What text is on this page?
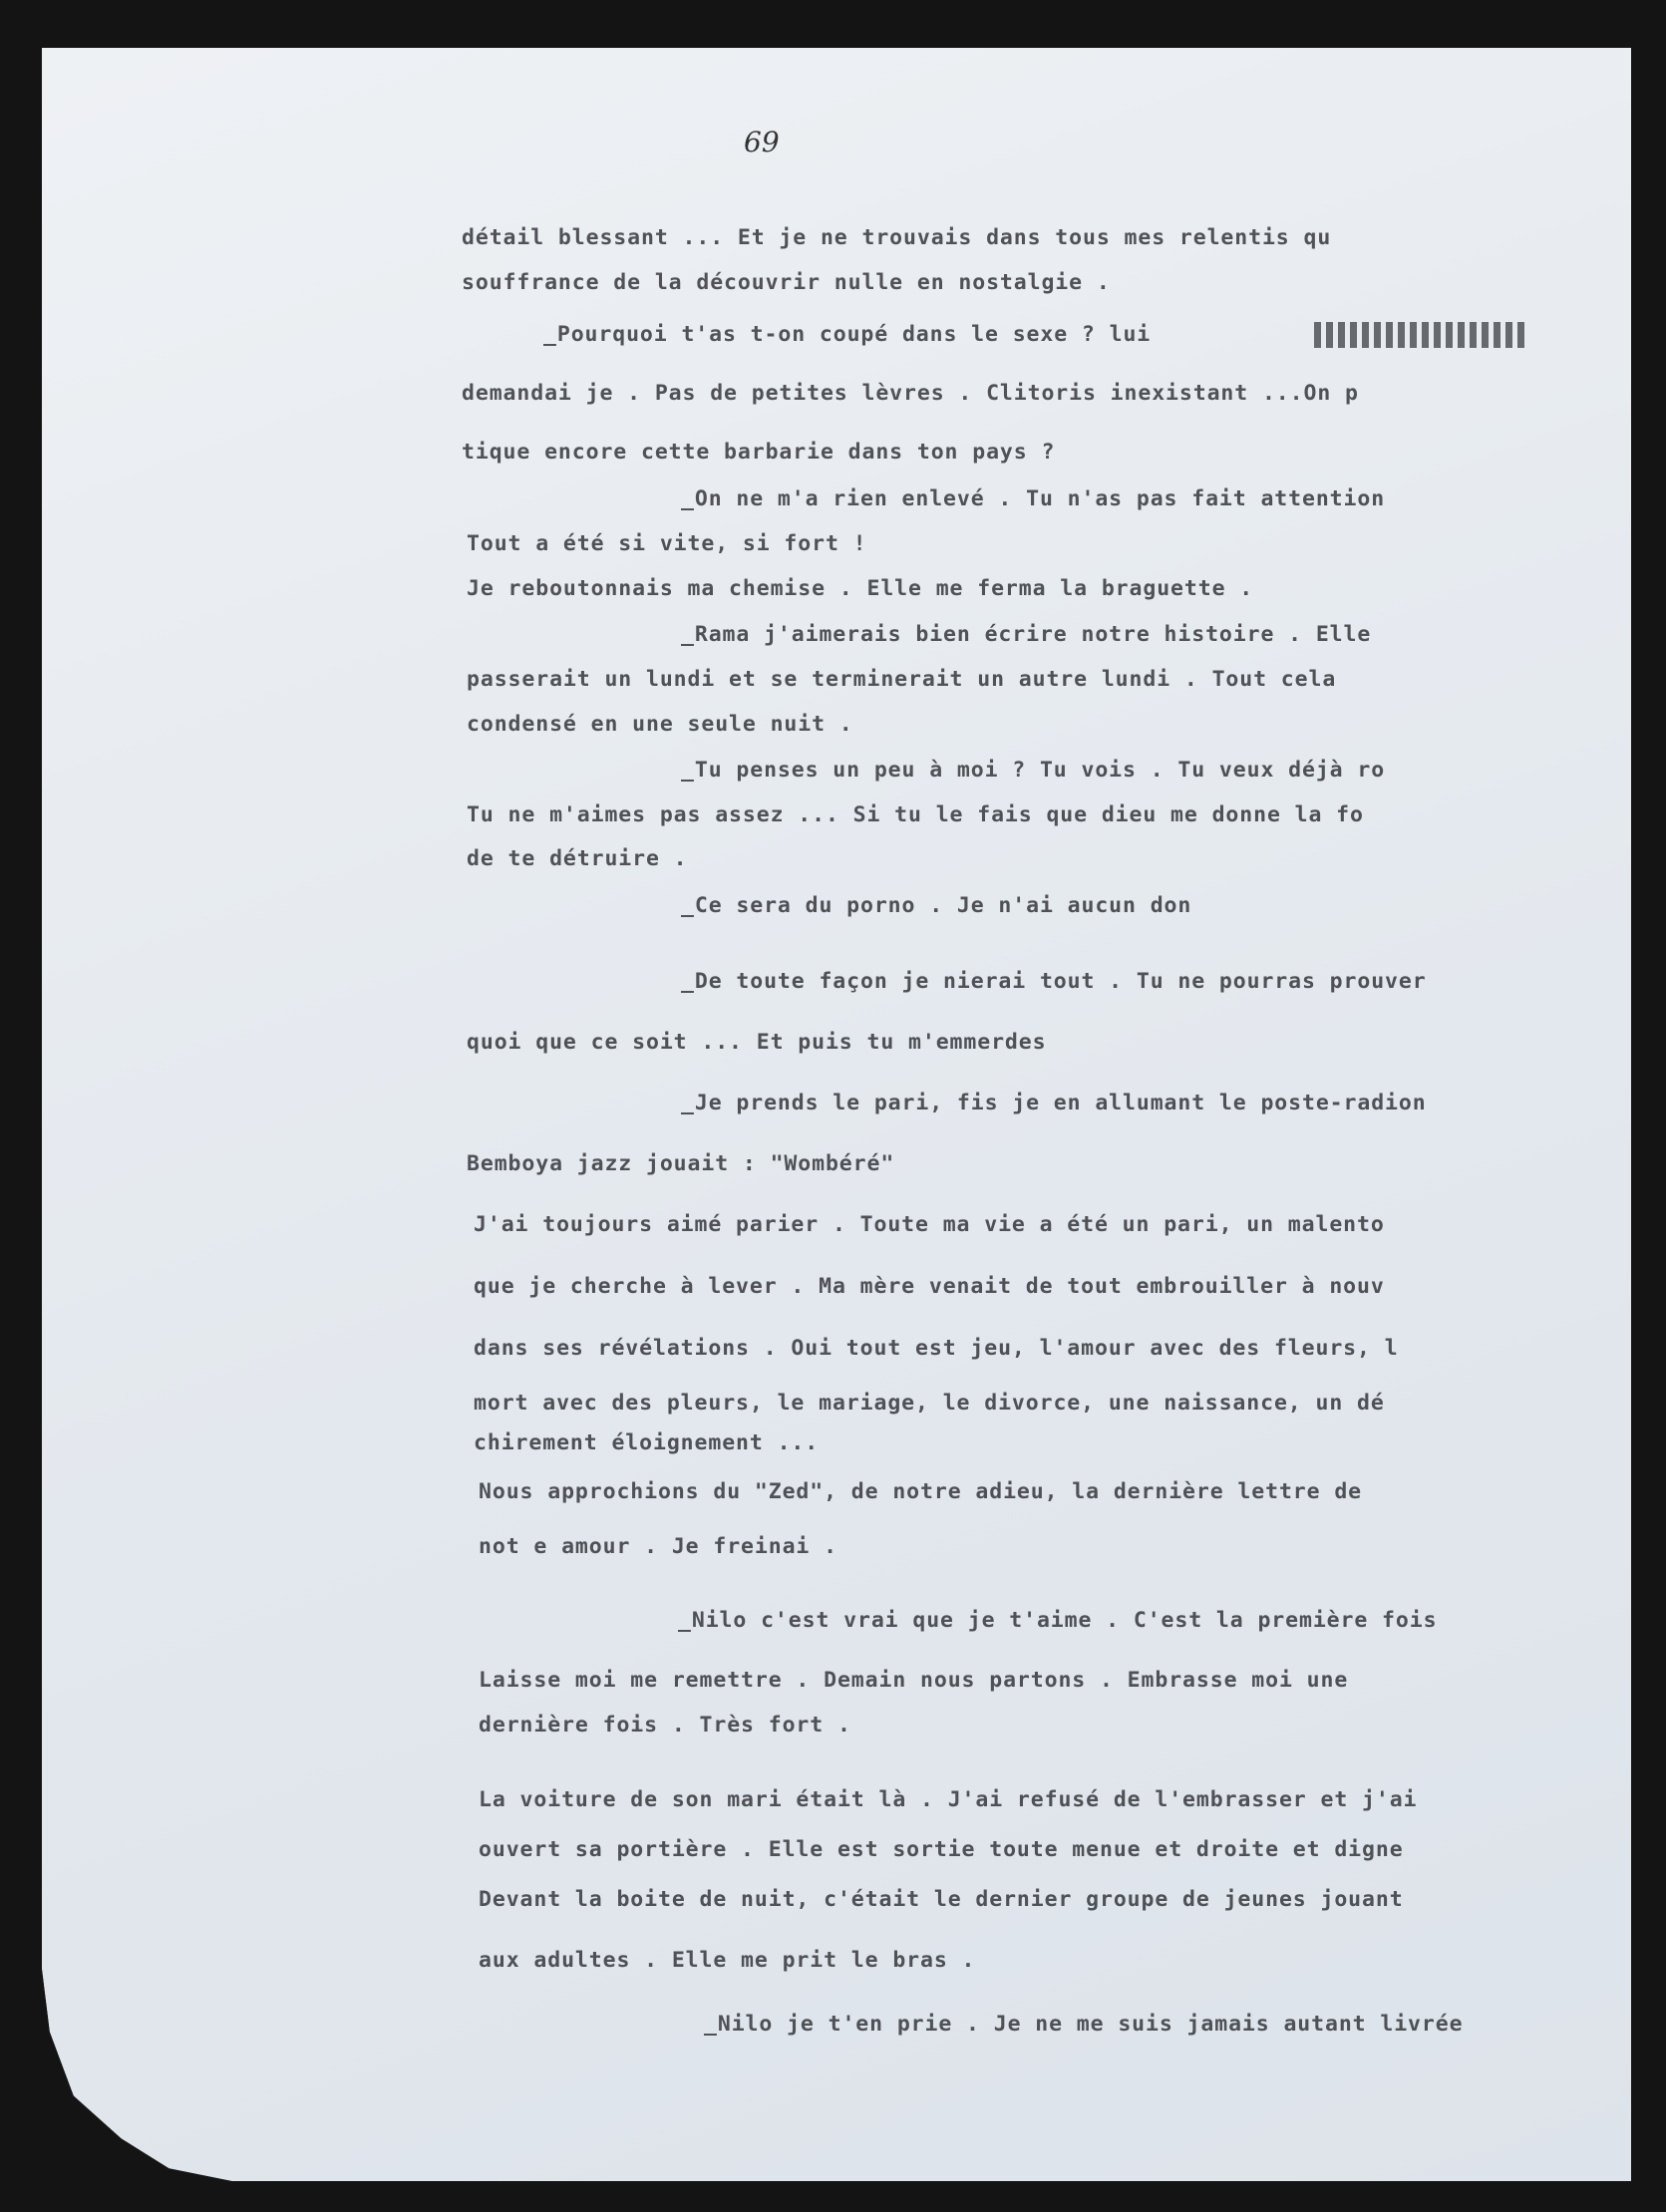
69
détail blessant ... Et je ne trouvais dans tous mes relentis qu
souffrance de la découvrir nulle en nostalgie .
_Pourquoi t'as t-on coupé dans le sexe ? lui
demandai je . Pas de petites lèvres . Clitoris inexistant ...On p
tique encore cette barbarie dans ton pays ?
_On ne m'a rien enlevé . Tu n'as pas fait attention
Tout a été si vite, si fort !
Je reboutonnais ma chemise . Elle me ferma la braguette .
_Rama j'aimerais bien écrire notre histoire . Elle
passerait un lundi et se terminerait un autre lundi . Tout cela
condensé en une seule nuit .
_Tu penses un peu à moi ? Tu vois . Tu veux déjà ro
Tu ne m'aimes pas assez ... Si tu le fais que dieu me donne la fo
de te détruire .
_Ce sera du porno . Je n'ai aucun don
_De toute façon je nierai tout . Tu ne pourras prouver
quoi que ce soit ... Et puis tu m'emmerdes
_Je prends le pari, fis je en allumant le poste-radion
Bemboya jazz jouait : "Wombéré"
J'ai toujours aimé parier . Toute ma vie a été un pari, un malento
que je cherche à lever . Ma mère venait de tout embrouiller à nouv
dans ses révélations . Oui tout est jeu, l'amour avec des fleurs, l
mort avec des pleurs, le mariage, le divorce, une naissance, un dé
chirement éloignement ...
Nous approchions du "Zed", de notre adieu, la dernière lettre de
not e amour . Je freinai .
_Nilo c'est vrai que je t'aime . C'est la première fois
Laisse moi me remettre . Demain nous partons . Embrasse moi une
dernière fois . Très fort .
La voiture de son mari était là . J'ai refusé de l'embrasser et j'ai
ouvert sa portière . Elle est sortie toute menue et droite et digne
Devant la boite de nuit, c'était le dernier groupe de jeunes jouant
aux adultes . Elle me prit le bras .
_Nilo je t'en prie . Je ne me suis jamais autant livrée
